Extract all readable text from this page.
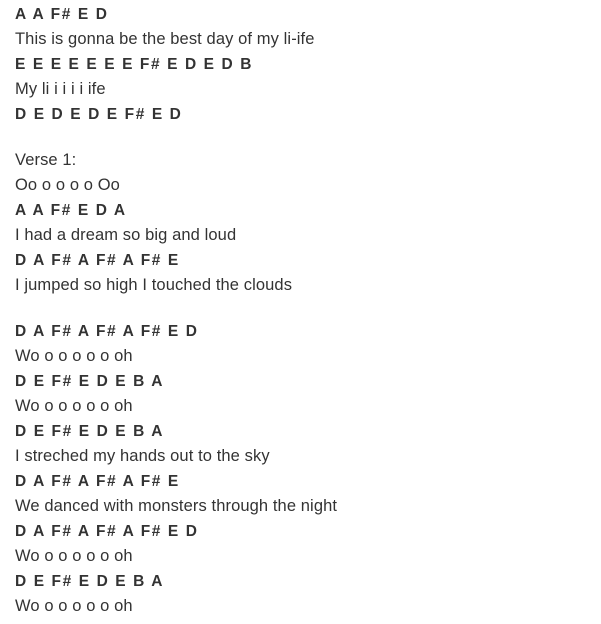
A A F# E D
This is gonna be the best day of my li-ife
E E E E E E E F# E D E D B
My li i i i i ife
D E D E D E F# E D
Verse 1:
Oo o o o o Oo
A A F# E D A
I had a dream so big and loud
D A F# A F# A F# E
I jumped so high I touched the clouds
D A F# A F# A F# E D
Wo o o o o o oh
D E F# E D E B A
Wo o o o o o oh
D E F# E D E B A
I streched my hands out to the sky
D A F# A F# A F# E
We danced with monsters through the night
D A F# A F# A F# E D
Wo o o o o o oh
D E F# E D E B A
Wo o o o o o oh
